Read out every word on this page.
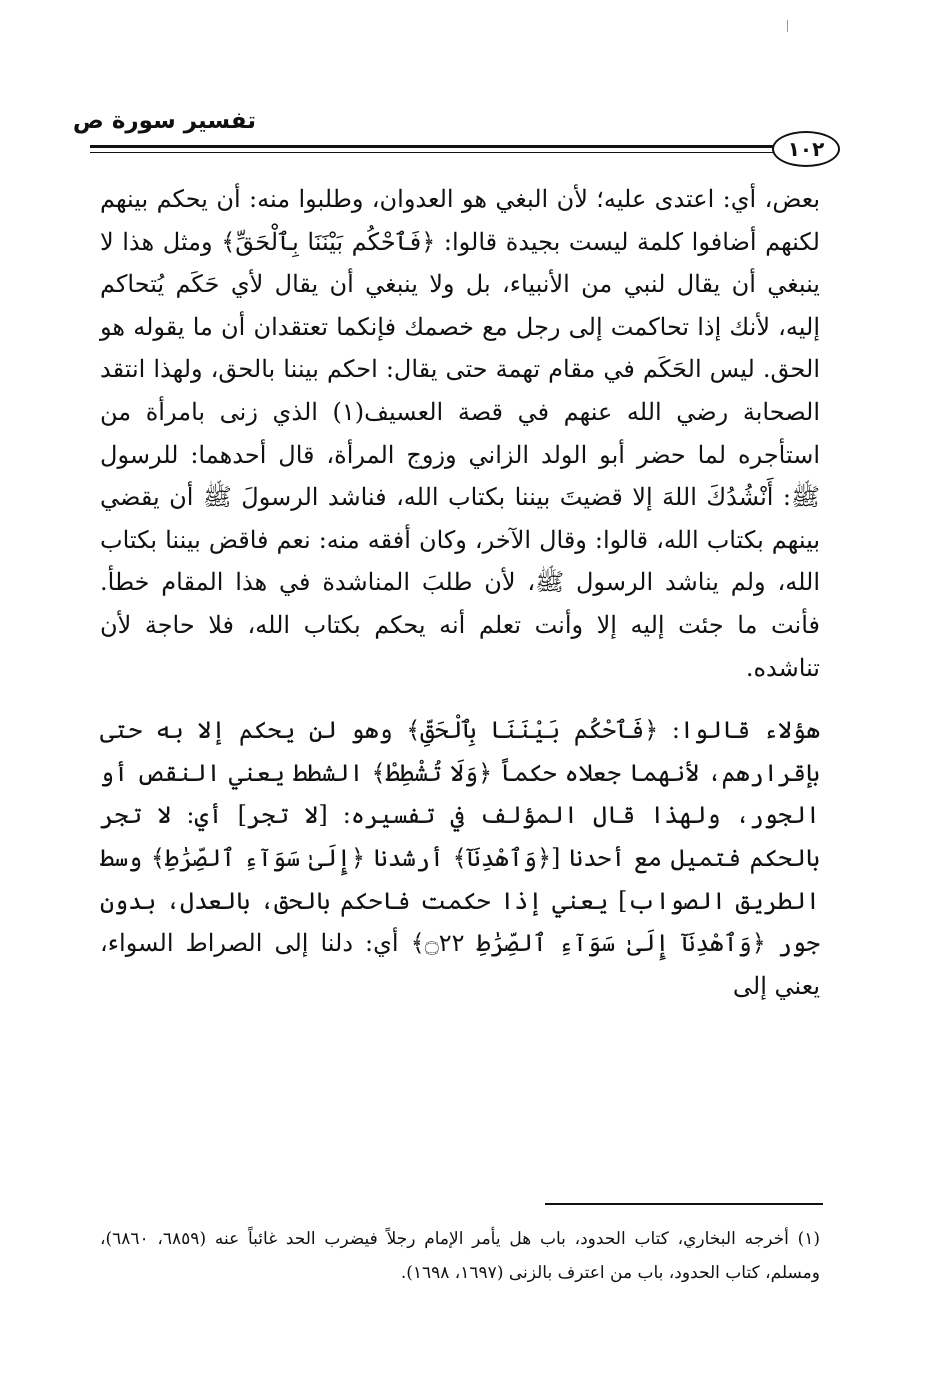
تفسير سورة ص
١٠٢

بعض، أي: اعتدى عليه؛ لأن البغي هو العدوان، وطلبوا منه: أن يحكم بينهم لكنهم أضافوا كلمة ليست بجيدة قالوا: ﴿فَٱحْكُم بَيْنَنَا بِٱلْحَقِّ﴾ ومثل هذا لا ينبغي أن يقال لنبي من الأنبياء، بل ولا ينبغي أن يقال لأي حَكَم يُتحاكم إليه، لأنك إذا تحاكمت إلى رجل مع خصمك فإنكما تعتقدان أن ما يقوله هو الحق. ليس الحَكَم في مقام تهمة حتى يقال: احكم بيننا بالحق، ولهذا انتقد الصحابة رضي الله عنهم في قصة العسيف(١) الذي زنى بامرأة من استأجره لما حضر أبو الولد الزاني وزوج المرأة، قال أحدهما: للرسول ﷺ: أَنْشُدُكَ اللهَ إلا قضيتَ بيننا بكتاب الله، فناشد الرسولَ ﷺ أن يقضي بينهم بكتاب الله، قالوا: وقال الآخر، وكان أفقه منه: نعم فاقض بيننا بكتاب الله، ولم يناشد الرسول ﷺ، لأن طلبَ المناشدة في هذا المقام خطأ. فأنت ما جئت إليه إلا وأنت تعلم أنه يحكم بكتاب الله، فلا حاجة لأن تناشده.

هؤلاء قالوا: ﴿فَٱحْكُم بَيْنَنَا بِٱلْحَقِّ﴾ وهو لن يحكم إلا به حتى بإقرارهم، لأنهما جعلاه حكماً ﴿وَلَا تُشْطِطْ﴾ الشطط يعني النقص أو الجور، ولهذا قال المؤلف في تفسيره: [لا تجر] أي: لا تجر بالحكم فتميل مع أحدنا [﴿وَٱهْدِنَآ﴾ أرشدنا ﴿إِلَىٰ سَوَآءِ ٱلصِّرَٰطِ﴾ وسط الطريق الصواب] يعني إذا حكمت فاحكم بالحق، بالعدل، بدون جور ﴿وَٱهْدِنَآ إِلَىٰ سَوَآءِ ٱلصِّرَٰطِ ۝٢٢﴾ أي: دلنا إلى الصراط السواء، يعني إلى

(١) أخرجه البخاري، كتاب الحدود، باب هل يأمر الإمام رجلاً فيضرب الحد غائباً عنه (٦٨٥٩، ٦٨٦٠)، ومسلم، كتاب الحدود، باب من اعترف بالزنى (١٦٩٧، ١٦٩٨).
